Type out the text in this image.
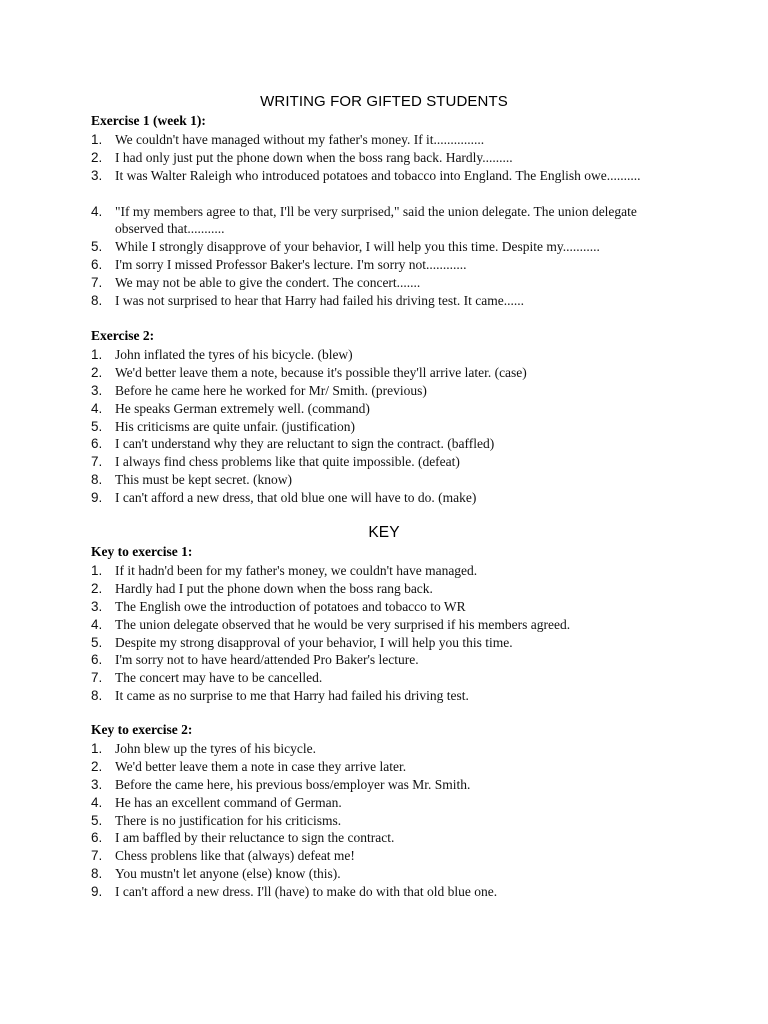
WRITING FOR GIFTED STUDENTS
Exercise 1 (week 1):
1. We couldn't have managed without my father's money. If it...............
2. I had only just put the phone down when the boss rang back. Hardly.........
3. It was Walter Raleigh who introduced potatoes and tobacco into England. The English owe..........
4. "If my members agree to that, I'll be very surprised," said the union delegate. The union delegate observed that...........
5. While I strongly disapprove of your behavior, I will help you this time. Despite my...........
6. I'm sorry I missed Professor Baker's lecture. I'm sorry not............
7. We may not be able to give the condert. The concert.......
8. I was not surprised to hear that Harry had failed his driving test. It came......
Exercise 2:
1. John inflated the tyres of his bicycle. (blew)
2. We'd better leave them a note, because it's possible they'll arrive later. (case)
3. Before he came here he worked for Mr/ Smith. (previous)
4. He speaks German extremely well. (command)
5. His criticisms are quite unfair. (justification)
6. I can't understand why they are reluctant to sign the contract. (baffled)
7. I always find chess problems like that quite impossible. (defeat)
8. This must be kept secret. (know)
9. I can't afford a new dress, that old blue one will have to do. (make)
KEY
Key to exercise 1:
1. If it hadn'd been for my father's money, we couldn't have managed.
2. Hardly had I put the phone down when the boss rang back.
3. The English owe the introduction of potatoes and tobacco to WR
4. The union delegate observed that he would be very surprised if his members agreed.
5. Despite my strong disapproval of your behavior, I will help you this time.
6. I'm sorry not to have heard/attended Pro Baker's lecture.
7. The concert may have to be cancelled.
8. It came as no surprise to me that Harry had failed his driving test.
Key to exercise 2:
1. John blew up the tyres of his bicycle.
2. We'd better leave them a note in case they arrive later.
3. Before the came here, his previous boss/employer was Mr. Smith.
4. He has an excellent command of German.
5. There is no justification for his criticisms.
6. I am baffled by their reluctance to sign the contract.
7. Chess problens like that (always) defeat me!
8. You mustn't let anyone (else) know (this).
9. I can't afford a new dress. I'll (have) to make do with that old blue one.
